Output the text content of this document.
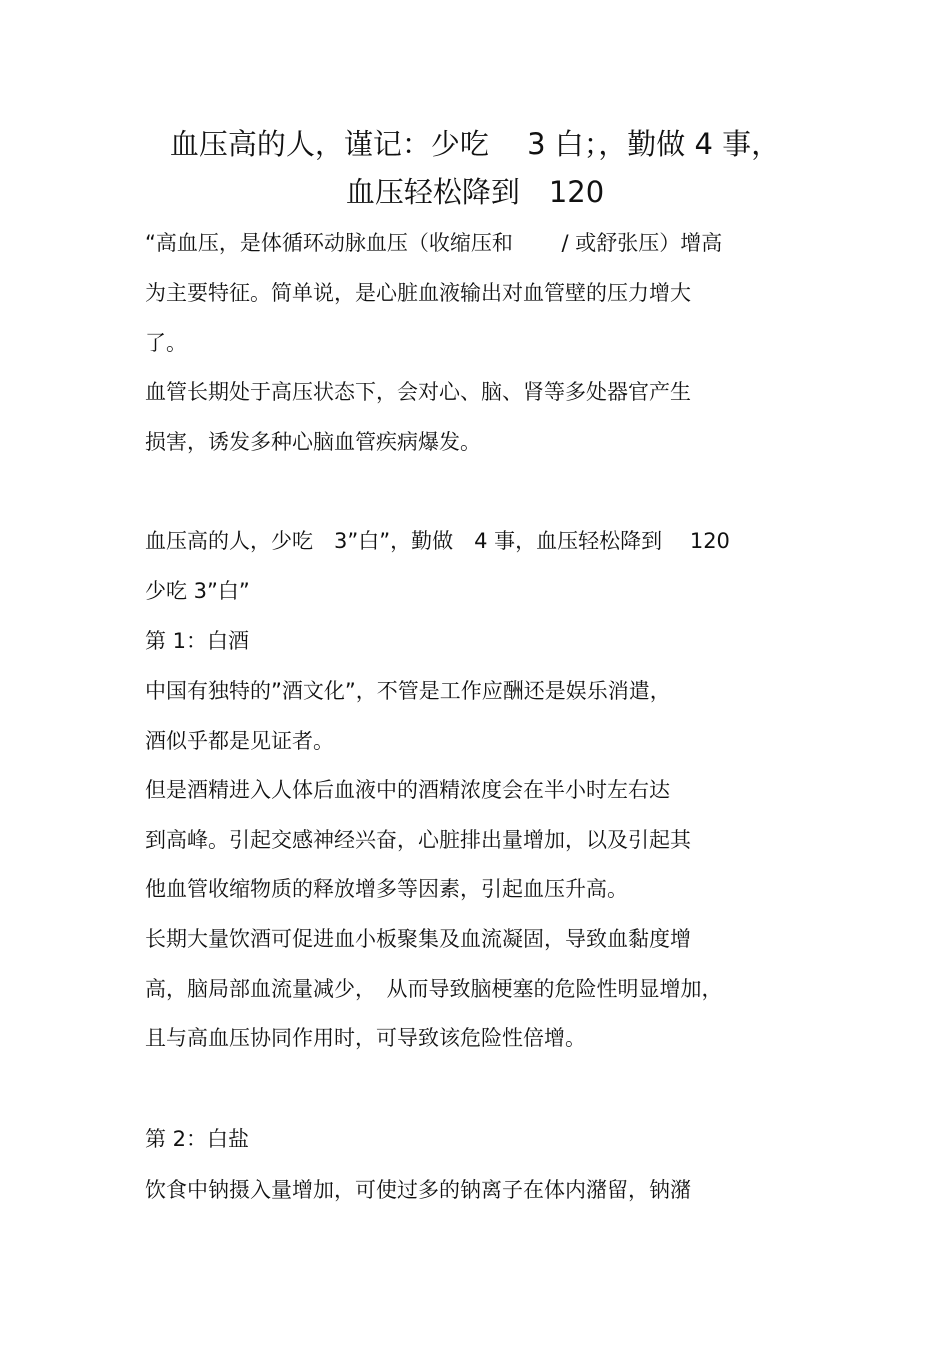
血压高的人，谨记：少吃　 3 白；，勤做 4 事，
血压轻松降到　120
“高血压，是体循环动脉血压（收缩压和　　 / 或舒张压）增高
为主要特征。简单说，是心脏血液输出对血管壁的压力增大
了。
血管长期处于高压状态下，会对心、脑、肾等多处器官产生
损害，诱发多种心脑血管疾病爆发。
血压高的人，少吃　3”白”，勤做　4 事，血压轻松降到　 120
少吃 3”白”
第 1：白酒
中国有独特的”酒文化”，不管是工作应酬还是娱乐消遣，
酒似乎都是见证者。
但是酒精进入人体后血液中的酒精浓度会在半小时左右达
到高峰。引起交感神经兴奋，心脏排出量增加，以及引起其
他血管收缩物质的释放增多等因素，引起血压升高。
长期大量饮酒可促进血小板聚集及血流凝固，导致血黏度增
高，脑局部血流量减少，　从而导致脑梗塞的危险性明显增加，
且与高血压协同作用时，可导致该危险性倍增。
第 2：白盐
饮食中钠摄入量增加，可使过多的钠离子在体内潴留，钠潴
